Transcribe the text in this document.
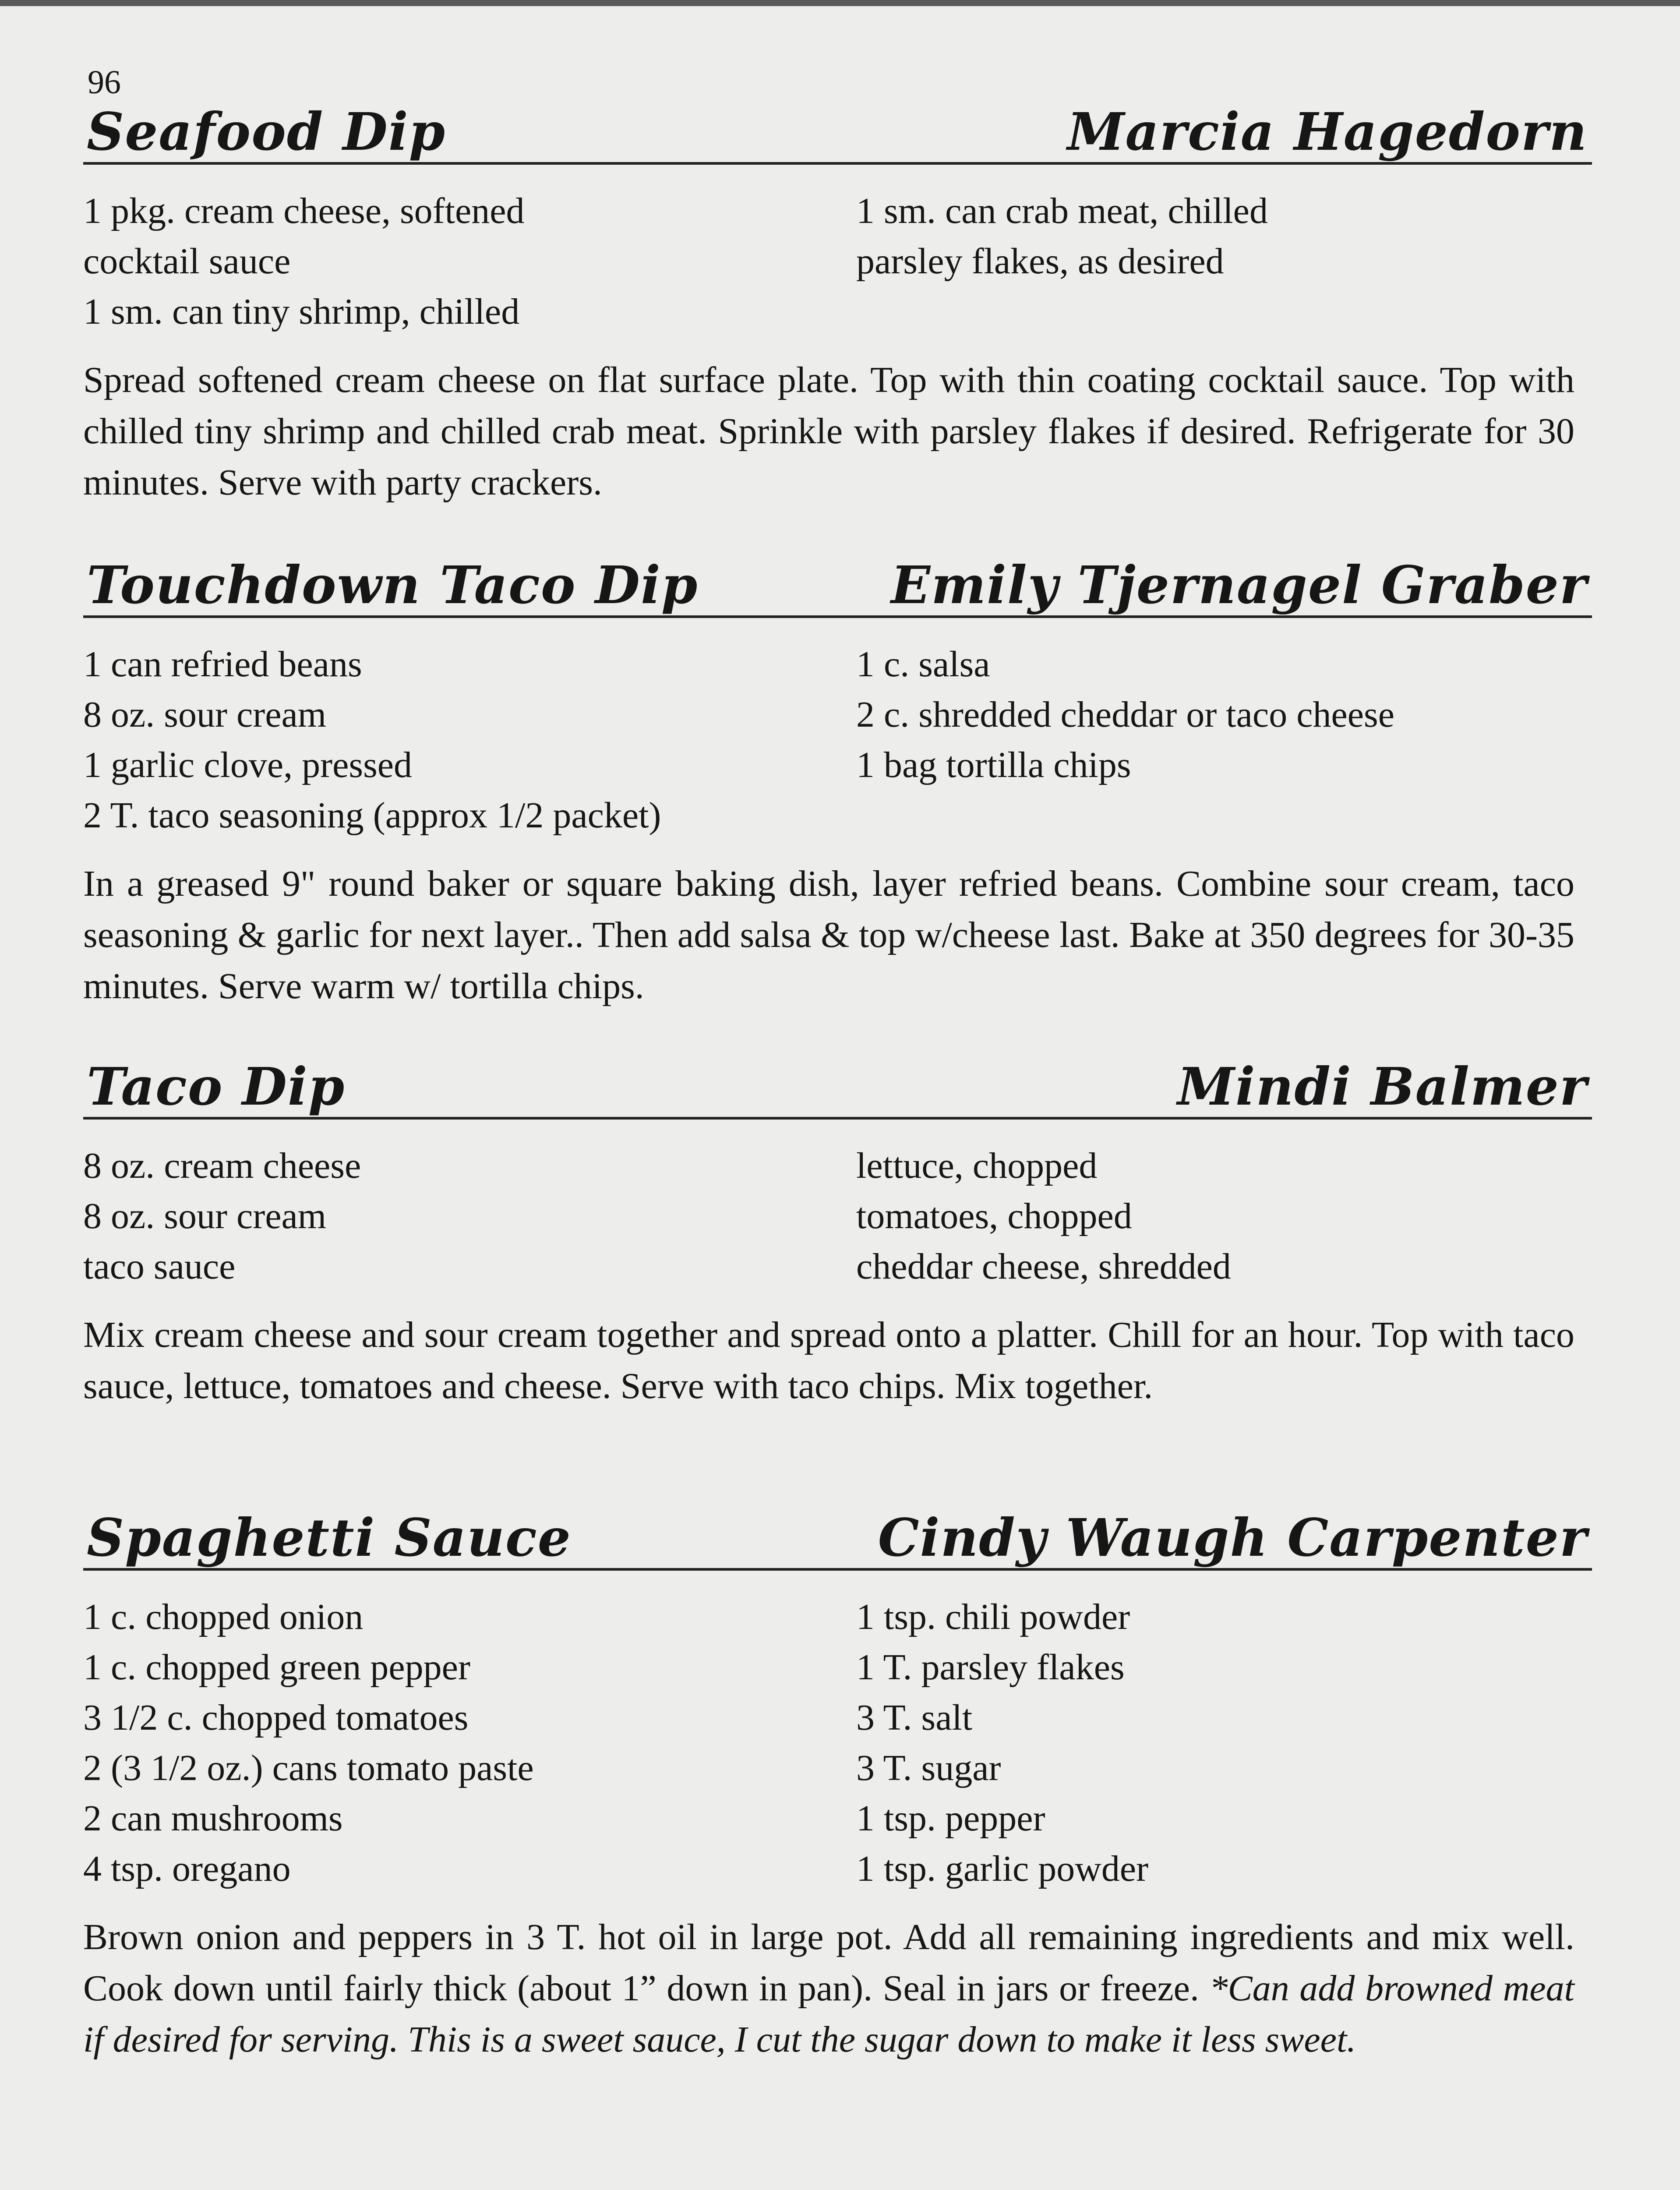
96
Seafood Dip	Marcia Hagedorn
1 pkg. cream cheese, softened
cocktail sauce
1 sm. can tiny shrimp, chilled
1 sm. can crab meat, chilled
parsley flakes, as desired

Spread softened cream cheese on flat surface plate. Top with thin coating cocktail sauce. Top with chilled tiny shrimp and chilled crab meat. Sprinkle with parsley flakes if desired. Refrigerate for 30 minutes. Serve with party crackers.

Touchdown Taco Dip	Emily Tjernagel Graber
1 can refried beans
8 oz. sour cream
1 garlic clove, pressed
2 T. taco seasoning (approx 1/2 packet)
1 c. salsa
2 c. shredded cheddar or taco cheese
1 bag tortilla chips

In a greased 9" round baker or square baking dish, layer refried beans. Combine sour cream, taco seasoning & garlic for next layer.. Then add salsa & top w/cheese last. Bake at 350 degrees for 30-35 minutes. Serve warm w/ tortilla chips.

Taco Dip	Mindi Balmer
8 oz. cream cheese
8 oz. sour cream
taco sauce
lettuce, chopped
tomatoes, chopped
cheddar cheese, shredded

Mix cream cheese and sour cream together and spread onto a platter. Chill for an hour. Top with taco sauce, lettuce, tomatoes and cheese. Serve with taco chips. Mix together.

Spaghetti Sauce	Cindy Waugh Carpenter
1 c. chopped onion
1 c. chopped green pepper
3 1/2 c. chopped tomatoes
2 (3 1/2 oz.) cans tomato paste
2 can mushrooms
4 tsp. oregano
1 tsp. chili powder
1 T. parsley flakes
3 T. salt
3 T. sugar
1 tsp. pepper
1 tsp. garlic powder

Brown onion and peppers in 3 T. hot oil in large pot. Add all remaining ingredients and mix well. Cook down until fairly thick (about 1” down in pan). Seal in jars or freeze. *Can add browned meat if desired for serving. This is a sweet sauce, I cut the sugar down to make it less sweet.
